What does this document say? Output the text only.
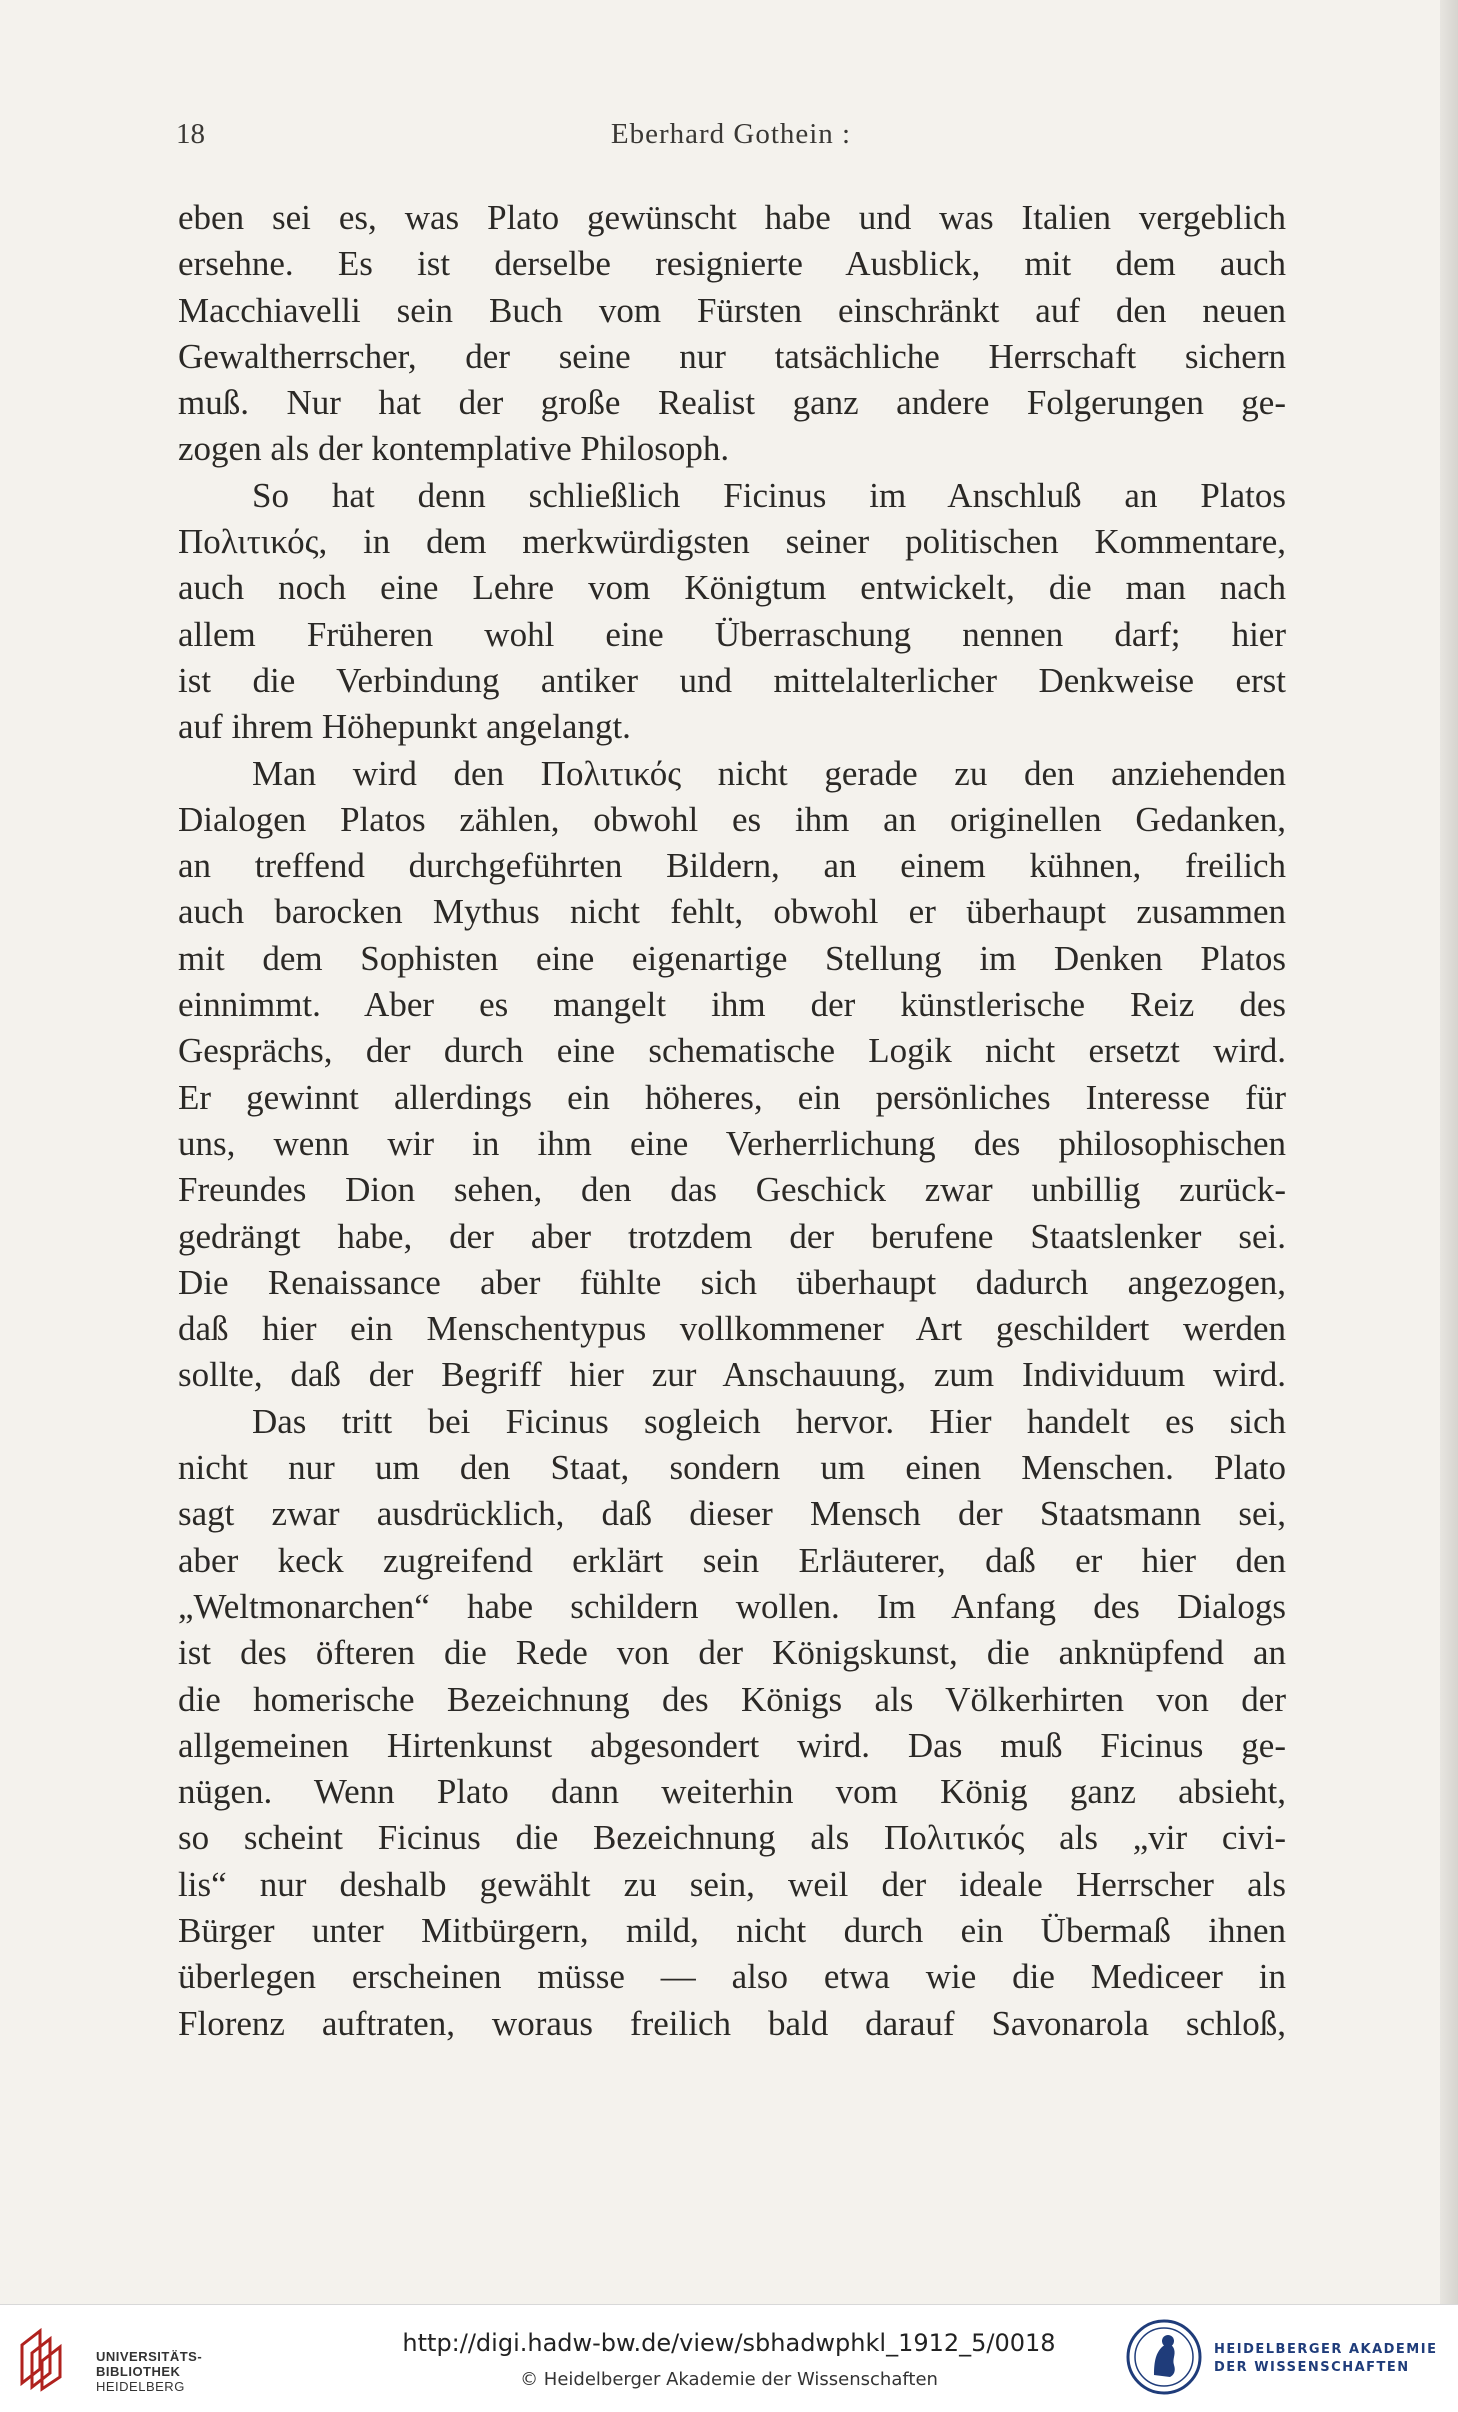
18	Eberhard Gothein :
eben sei es, was Plato gewünscht habe und was Italien vergeblich
ersehne. Es ist derselbe resignierte Ausblick, mit dem auch
Macchiavelli sein Buch vom Fürsten einschränkt auf den neuen
Gewaltherrscher, der seine nur tatsächliche Herrschaft sichern
muß. Nur hat der große Realist ganz andere Folgerungen ge-
zogen als der kontemplative Philosoph.
So hat denn schließlich Ficinus im Anschluß an Platos
Πολιτικός, in dem merkwürdigsten seiner politischen Kommentare,
auch noch eine Lehre vom Königtum entwickelt, die man nach
allem Früheren wohl eine Überraschung nennen darf; hier
ist die Verbindung antiker und mittelalterlicher Denkweise erst
auf ihrem Höhepunkt angelangt.
Man wird den Πολιτικός nicht gerade zu den anziehenden
Dialogen Platos zählen, obwohl es ihm an originellen Gedanken,
an treffend durchgeführten Bildern, an einem kühnen, freilich
auch barocken Mythus nicht fehlt, obwohl er überhaupt zusammen
mit dem Sophisten eine eigenartige Stellung im Denken Platos
einnimmt. Aber es mangelt ihm der künstlerische Reiz des
Gesprächs, der durch eine schematische Logik nicht ersetzt wird.
Er gewinnt allerdings ein höheres, ein persönliches Interesse für
uns, wenn wir in ihm eine Verherrlichung des philosophischen
Freundes Dion sehen, den das Geschick zwar unbillig zurück-
gedrängt habe, der aber trotzdem der berufene Staatslenker sei.
Die Renaissance aber fühlte sich überhaupt dadurch angezogen,
daß hier ein Menschentypus vollkommener Art geschildert werden
sollte, daß der Begriff hier zur Anschauung, zum Individuum wird.
Das tritt bei Ficinus sogleich hervor. Hier handelt es sich
nicht nur um den Staat, sondern um einen Menschen. Plato
sagt zwar ausdrücklich, daß dieser Mensch der Staatsmann sei,
aber keck zugreifend erklärt sein Erläuterer, daß er hier den
„Weltmonarchen“ habe schildern wollen. Im Anfang des Dialogs
ist des öfteren die Rede von der Königskunst, die anknüpfend an
die homerische Bezeichnung des Königs als Völkerhirten von der
allgemeinen Hirtenkunst abgesondert wird. Das muß Ficinus ge-
nügen. Wenn Plato dann weiterhin vom König ganz absieht,
so scheint Ficinus die Bezeichnung als Πολιτικός als „vir civi-
lis“ nur deshalb gewählt zu sein, weil der ideale Herrscher als
Bürger unter Mitbürgern, mild, nicht durch ein Übermaß ihnen
überlegen erscheinen müsse — also etwa wie die Mediceer in
Florenz auftraten, woraus freilich bald darauf Savonarola schloß,
UNIVERSITÄTS-
BIBLIOTHEK
HEIDELBERG
http://digi.hadw-bw.de/view/sbhadwphkl_1912_5/0018
© Heidelberger Akademie der Wissenschaften
HEIDELBERGER AKADEMIE
DER WISSENSCHAFTEN
